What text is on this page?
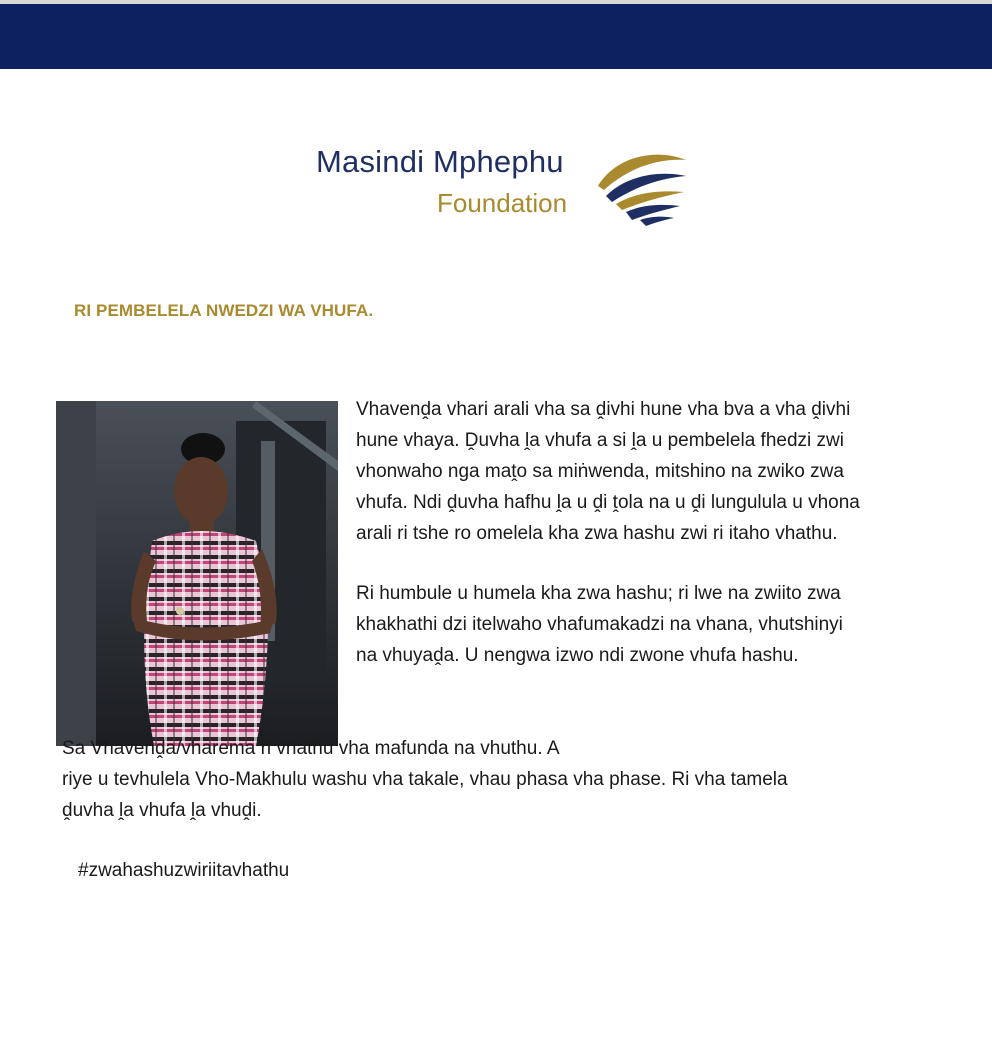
Masindi Mphephu
Foundation
RI PEMBELELA NWEDZI WA VHUFA.

Vhavenḓa vhari arali vha sa ḓivhi hune vha bva a vha ḓivhi
hune vhaya. Ḓuvha ḽa vhufa a si ḽa u pembelela fhedzi zwi
vhonwaho nga maṱo sa miṅwenda, mitshino na zwiko zwa
vhufa. Ndi ḓuvha hafhu ḽa u ḓi ṱola na u ḓi lungulula u vhona
arali ri tshe ro omelela kha zwa hashu zwi ri itaho vhathu.

Ri humbule u humela kha zwa hashu; ri lwe na zwiito zwa
khakhathi dzi itelwaho vhafumakadzi na vhana, vhutshinyi
na vhuyaḓa. U nengwa izwo ndi zwone vhufa hashu.

Sa Vhavenḓa/vharema ri vhathu vha mafunda na vhuthu. A
riye u tevhulela Vho-Makhulu washu vha takale, vhau phasa vha phase. Ri vha tamela
ḓuvha ḽa vhufa ḽa vhuḓi.

#zwahashuzwiriitavhathu
